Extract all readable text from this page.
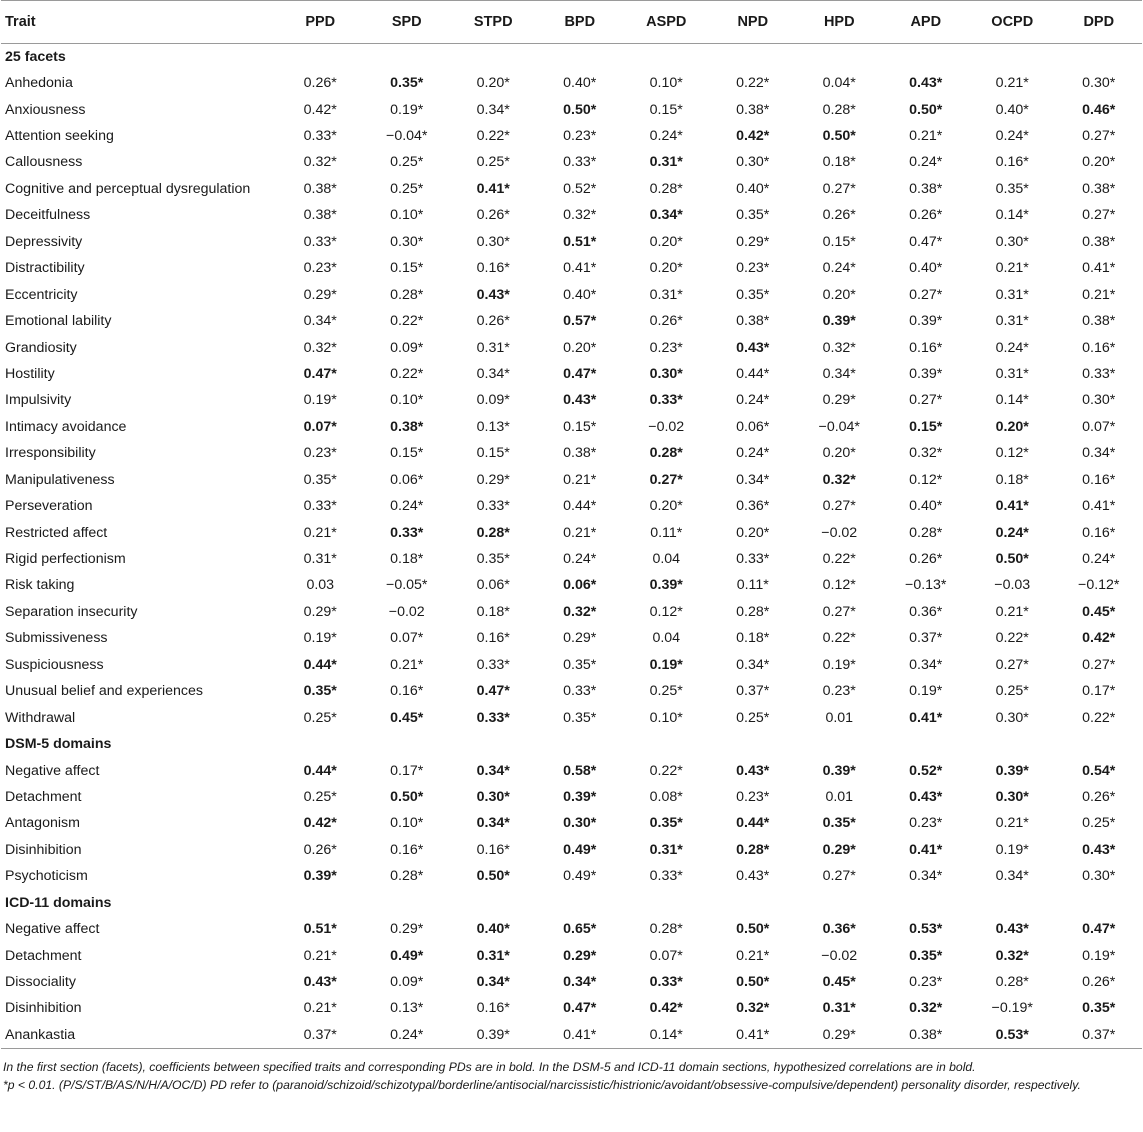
Trait	PPD	SPD	STPD	BPD	ASPD	NPD	HPD	APD	OCPD	DPD
25 facets										
Anhedonia	0.26*	0.35*	0.20*	0.40*	0.10*	0.22*	0.04*	0.43*	0.21*	0.30*
Anxiousness	0.42*	0.19*	0.34*	0.50*	0.15*	0.38*	0.28*	0.50*	0.40*	0.46*
Attention seeking	0.33*	−0.04*	0.22*	0.23*	0.24*	0.42*	0.50*	0.21*	0.24*	0.27*
Callousness	0.32*	0.25*	0.25*	0.33*	0.31*	0.30*	0.18*	0.24*	0.16*	0.20*
Cognitive and perceptual dysregulation	0.38*	0.25*	0.41*	0.52*	0.28*	0.40*	0.27*	0.38*	0.35*	0.38*
Deceitfulness	0.38*	0.10*	0.26*	0.32*	0.34*	0.35*	0.26*	0.26*	0.14*	0.27*
Depressivity	0.33*	0.30*	0.30*	0.51*	0.20*	0.29*	0.15*	0.47*	0.30*	0.38*
Distractibility	0.23*	0.15*	0.16*	0.41*	0.20*	0.23*	0.24*	0.40*	0.21*	0.41*
Eccentricity	0.29*	0.28*	0.43*	0.40*	0.31*	0.35*	0.20*	0.27*	0.31*	0.21*
Emotional lability	0.34*	0.22*	0.26*	0.57*	0.26*	0.38*	0.39*	0.39*	0.31*	0.38*
Grandiosity	0.32*	0.09*	0.31*	0.20*	0.23*	0.43*	0.32*	0.16*	0.24*	0.16*
Hostility	0.47*	0.22*	0.34*	0.47*	0.30*	0.44*	0.34*	0.39*	0.31*	0.33*
Impulsivity	0.19*	0.10*	0.09*	0.43*	0.33*	0.24*	0.29*	0.27*	0.14*	0.30*
Intimacy avoidance	0.07*	0.38*	0.13*	0.15*	−0.02	0.06*	−0.04*	0.15*	0.20*	0.07*
Irresponsibility	0.23*	0.15*	0.15*	0.38*	0.28*	0.24*	0.20*	0.32*	0.12*	0.34*
Manipulativeness	0.35*	0.06*	0.29*	0.21*	0.27*	0.34*	0.32*	0.12*	0.18*	0.16*
Perseveration	0.33*	0.24*	0.33*	0.44*	0.20*	0.36*	0.27*	0.40*	0.41*	0.41*
Restricted affect	0.21*	0.33*	0.28*	0.21*	0.11*	0.20*	−0.02	0.28*	0.24*	0.16*
Rigid perfectionism	0.31*	0.18*	0.35*	0.24*	0.04	0.33*	0.22*	0.26*	0.50*	0.24*
Risk taking	0.03	−0.05*	0.06*	0.06*	0.39*	0.11*	0.12*	−0.13*	−0.03	−0.12*
Separation insecurity	0.29*	−0.02	0.18*	0.32*	0.12*	0.28*	0.27*	0.36*	0.21*	0.45*
Submissiveness	0.19*	0.07*	0.16*	0.29*	0.04	0.18*	0.22*	0.37*	0.22*	0.42*
Suspiciousness	0.44*	0.21*	0.33*	0.35*	0.19*	0.34*	0.19*	0.34*	0.27*	0.27*
Unusual belief and experiences	0.35*	0.16*	0.47*	0.33*	0.25*	0.37*	0.23*	0.19*	0.25*	0.17*
Withdrawal	0.25*	0.45*	0.33*	0.35*	0.10*	0.25*	0.01	0.41*	0.30*	0.22*
DSM-5 domains										
Negative affect	0.44*	0.17*	0.34*	0.58*	0.22*	0.43*	0.39*	0.52*	0.39*	0.54*
Detachment	0.25*	0.50*	0.30*	0.39*	0.08*	0.23*	0.01	0.43*	0.30*	0.26*
Antagonism	0.42*	0.10*	0.34*	0.30*	0.35*	0.44*	0.35*	0.23*	0.21*	0.25*
Disinhibition	0.26*	0.16*	0.16*	0.49*	0.31*	0.28*	0.29*	0.41*	0.19*	0.43*
Psychoticism	0.39*	0.28*	0.50*	0.49*	0.33*	0.43*	0.27*	0.34*	0.34*	0.30*
ICD-11 domains										
Negative affect	0.51*	0.29*	0.40*	0.65*	0.28*	0.50*	0.36*	0.53*	0.43*	0.47*
Detachment	0.21*	0.49*	0.31*	0.29*	0.07*	0.21*	−0.02	0.35*	0.32*	0.19*
Dissociality	0.43*	0.09*	0.34*	0.34*	0.33*	0.50*	0.45*	0.23*	0.28*	0.26*
Disinhibition	0.21*	0.13*	0.16*	0.47*	0.42*	0.32*	0.31*	0.32*	−0.19*	0.35*
Anankastia	0.37*	0.24*	0.39*	0.41*	0.14*	0.41*	0.29*	0.38*	0.53*	0.37*

In the first section (facets), coefficients between specified traits and corresponding PDs are in bold. In the DSM-5 and ICD-11 domain sections, hypothesized correlations are in bold.

*p < 0.01. (P/S/ST/B/AS/N/H/A/OC/D) PD refer to (paranoid/schizoid/schizotypal/borderline/antisocial/narcissistic/histrionic/avoidant/obsessive-compulsive/dependent) personality disorder, respectively.
